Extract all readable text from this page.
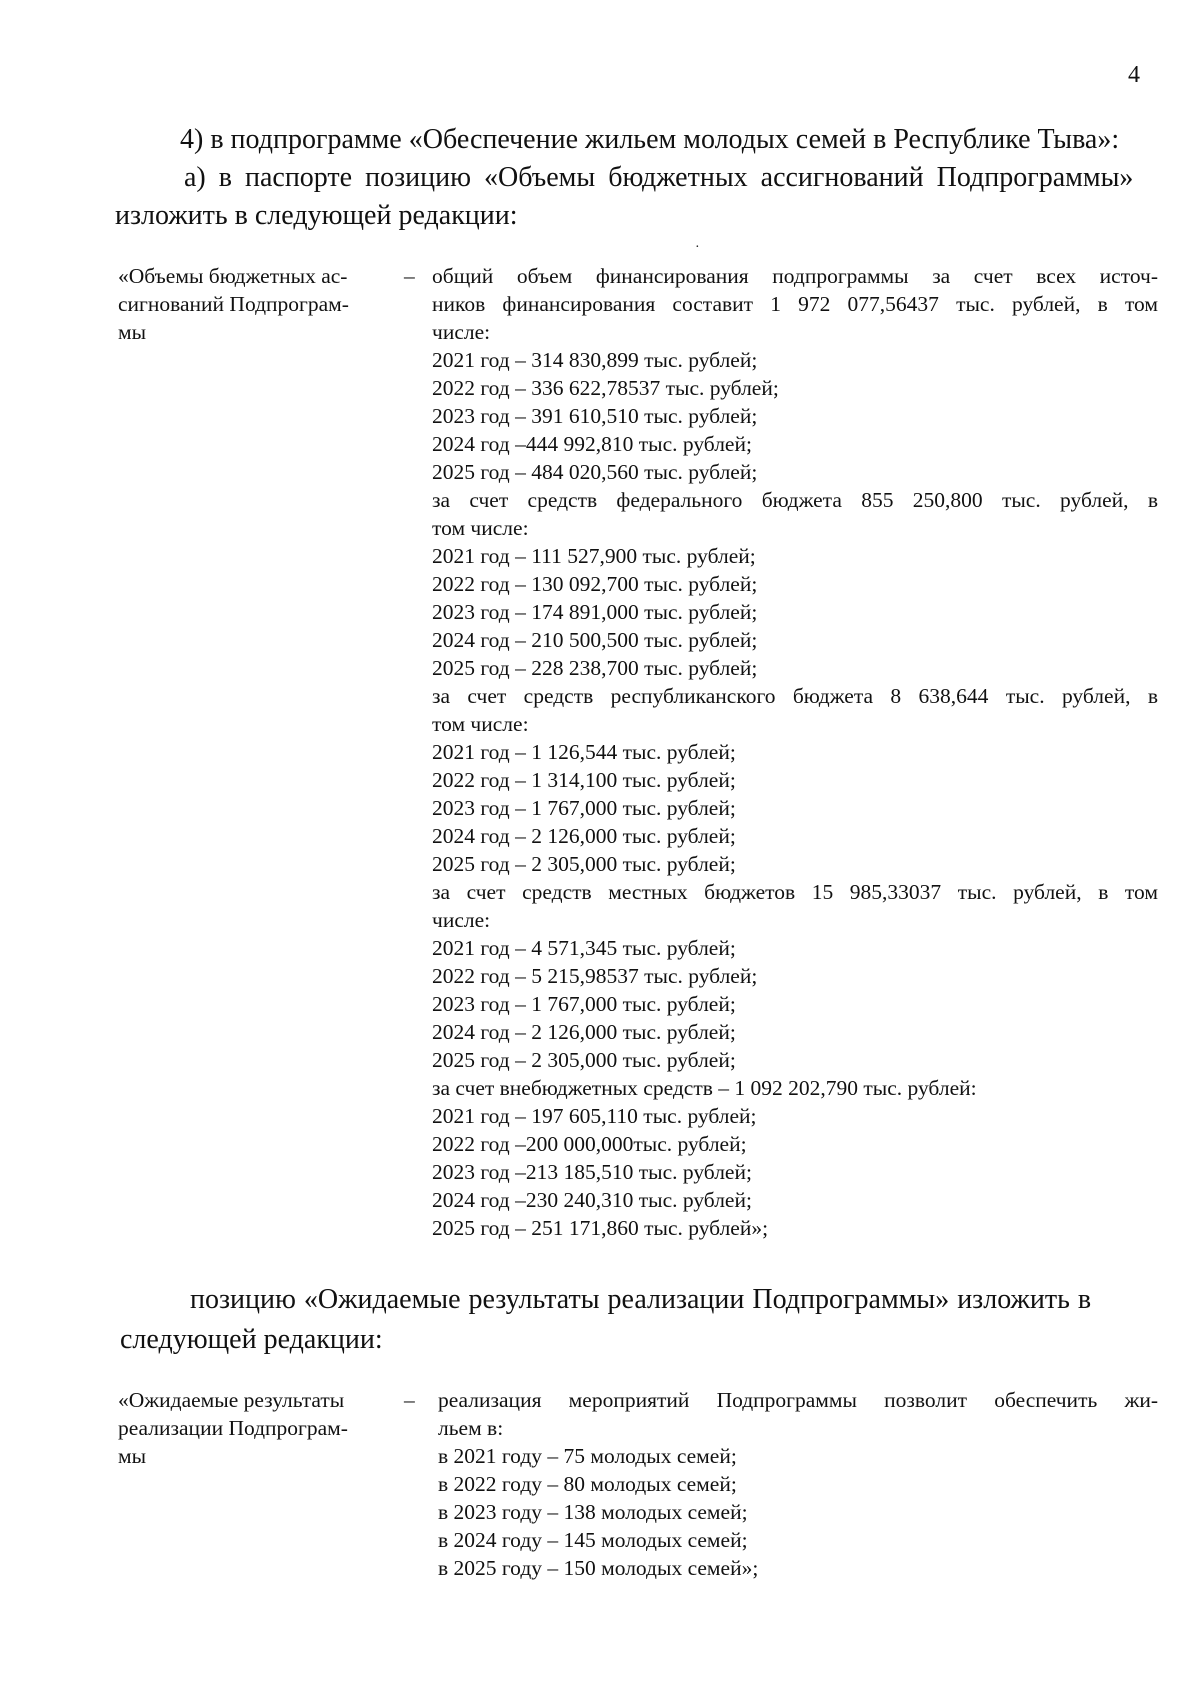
4
4) в подпрограмме «Обеспечение жильем молодых семей в Республике Тыва»:
а) в паспорте позицию «Объемы бюджетных ассигнований Подпрограммы»
изложить в следующей редакции:
·
«Объемы бюджетных ас-
сигнований Подпрограм-
мы
– общий объем финансирования подпрограммы за счет всех источ-
ников финансирования составит 1 972 077,56437 тыс. рублей, в том
числе:
2021 год – 314 830,899 тыс. рублей;
2022 год – 336 622,78537 тыс. рублей;
2023 год – 391 610,510 тыс. рублей;
2024 год –444 992,810 тыс. рублей;
2025 год – 484 020,560 тыс. рублей;
за счет средств федерального бюджета 855 250,800 тыс. рублей, в
том числе:
2021 год – 111 527,900 тыс. рублей;
2022 год – 130 092,700 тыс. рублей;
2023 год – 174 891,000 тыс. рублей;
2024 год – 210 500,500 тыс. рублей;
2025 год – 228 238,700 тыс. рублей;
за счет средств республиканского бюджета 8 638,644 тыс. рублей, в
том числе:
2021 год – 1 126,544 тыс. рублей;
2022 год – 1 314,100 тыс. рублей;
2023 год – 1 767,000 тыс. рублей;
2024 год – 2 126,000 тыс. рублей;
2025 год – 2 305,000 тыс. рублей;
за счет средств местных бюджетов 15 985,33037 тыс. рублей, в том
числе:
2021 год – 4 571,345 тыс. рублей;
2022 год – 5 215,98537 тыс. рублей;
2023 год – 1 767,000 тыс. рублей;
2024 год – 2 126,000 тыс. рублей;
2025 год – 2 305,000 тыс. рублей;
за счет внебюджетных средств – 1 092 202,790 тыс. рублей:
2021 год – 197 605,110 тыс. рублей;
2022 год –200 000,000тыс. рублей;
2023 год –213 185,510 тыс. рублей;
2024 год –230 240,310 тыс. рублей;
2025 год – 251 171,860 тыс. рублей»;
позицию «Ожидаемые результаты реализации Подпрограммы» изложить в
следующей редакции:
«Ожидаемые результаты
реализации Подпрограм-
мы
– реализация мероприятий Подпрограммы позволит обеспечить жи-
льем в:
в 2021 году – 75 молодых семей;
в 2022 году – 80 молодых семей;
в 2023 году – 138 молодых семей;
в 2024 году – 145 молодых семей;
в 2025 году – 150 молодых семей»;
